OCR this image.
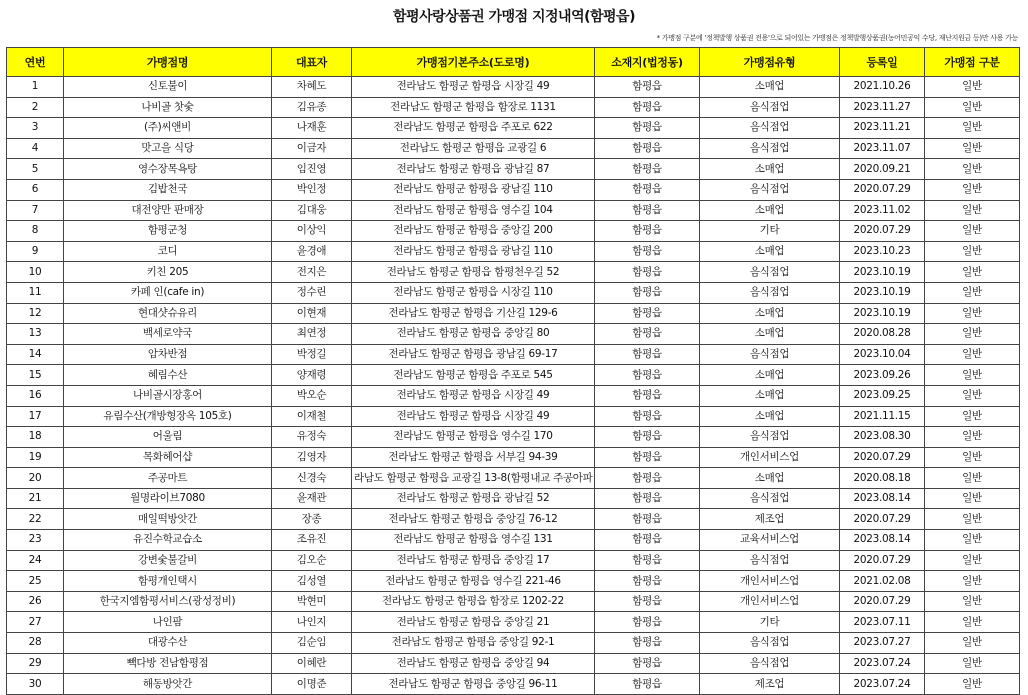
함평사랑상품권 가맹점 지정내역(함평읍)
* 가맹점 구분에 '정책발행 상품권 전용'으로 되어있는 가맹점은 정책발행상품권(농어민공익 수당, 재난지원금 등)만 사용 가능
연번	가맹점명	대표자	가맹점기본주소(도로명)	소재지(법정동)	가맹점유형	등록일	가맹점 구분
1	신토불이	차혜도	전라남도 함평군 함평읍 시장길 49	함평읍	소매업	2021.10.26	일반
2	나비골 찻숯	김유종	전라남도 함평군 함평읍 함장로 1131	함평읍	음식점업	2023.11.27	일반
3	(주)씨앤비	나재훈	전라남도 함평군 함평읍 주포로 622	함평읍	음식점업	2023.11.21	일반
4	맛고을 식당	이금자	전라남도 함평군 함평읍 교광길 6	함평읍	음식점업	2023.11.07	일반
5	영수장목욕탕	임진영	전라남도 함평군 함평읍 광남길 87	함평읍	소매업	2020.09.21	일반
6	김밥천국	박인정	전라남도 함평군 함평읍 광남길 110	함평읍	음식점업	2020.07.29	일반
7	대전양만 판매장	김대웅	전라남도 함평군 함평읍 영수길 104	함평읍	소매업	2023.11.02	일반
8	함평군청	이상익	전라남도 함평군 함평읍 중앙길 200	함평읍	기타	2020.07.29	일반
9	코디	윤경애	전라남도 함평군 함평읍 광남길 110	함평읍	소매업	2023.10.23	일반
10	키친 205	전지은	전라남도 함평군 함평읍 함평천우길 52	함평읍	음식점업	2023.10.19	일반
11	카페 인(cafe in)	정수린	전라남도 함평군 함평읍 시장길 110	함평읍	음식점업	2023.10.19	일반
12	현대샷슈유리	이현재	전라남도 함평군 함평읍 기산길 129-6	함평읍	소매업	2023.10.19	일반
13	백세로약국	최연정	전라남도 함평군 함평읍 중앙길 80	함평읍	소매업	2020.08.28	일반
14	암차반점	박정길	전라남도 함평군 함평읍 광남길 69-17	함평읍	음식점업	2023.10.04	일반
15	혜림수산	양재령	전라남도 함평군 함평읍 주포로 545	함평읍	소매업	2023.09.26	일반
16	나비골시장홍어	박오순	전라남도 함평군 함평읍 시장길 49	함평읍	소매업	2023.09.25	일반
17	유림수산(개방형장옥 105호)	이재철	전라남도 함평군 함평읍 시장길 49	함평읍	소매업	2021.11.15	일반
18	어울림	유정숙	전라남도 함평군 함평읍 영수길 170	함평읍	음식점업	2023.08.30	일반
19	목화헤어샵	김영자	전라남도 함평군 함평읍 서부길 94-39	함평읍	개인서비스업	2020.07.29	일반
20	주공마트	신경숙	라남도 함평군 함평읍 교광길 13-8(함평내교 주공아파	함평읍	소매업	2020.08.18	일반
21	월명라이브7080	윤재관	전라남도 함평군 함평읍 광남길 52	함평읍	음식점업	2023.08.14	일반
22	매일떡방앗간	장종	전라남도 함평군 함평읍 중앙길 76-12	함평읍	제조업	2020.07.29	일반
23	유진수학교습소	조유진	전라남도 함평군 함평읍 영수길 131	함평읍	교육서비스업	2023.08.14	일반
24	강변숯불갈비	김오순	전라남도 함평군 함평읍 중앙길 17	함평읍	음식점업	2020.07.29	일반
25	함평개인택시	김성열	전라남도 함평군 함평읍 영수길 221-46	함평읍	개인서비스업	2021.02.08	일반
26	한국지엠함평서비스(광성정비)	박현미	전라남도 함평군 함평읍 함장로 1202-22	함평읍	개인서비스업	2020.07.29	일반
27	나인팜	나인지	전라남도 함평군 함평읍 중앙길 21	함평읍	기타	2023.07.11	일반
28	대광수산	김순임	전라남도 함평군 함평읍 중앙길 92-1	함평읍	음식점업	2023.07.27	일반
29	빽다방 전남함평점	이혜란	전라남도 함평군 함평읍 중앙길 94	함평읍	음식점업	2023.07.24	일반
30	해동방앗간	이명준	전라남도 함평군 함평읍 중앙길 96-11	함평읍	제조업	2023.07.24	일반
